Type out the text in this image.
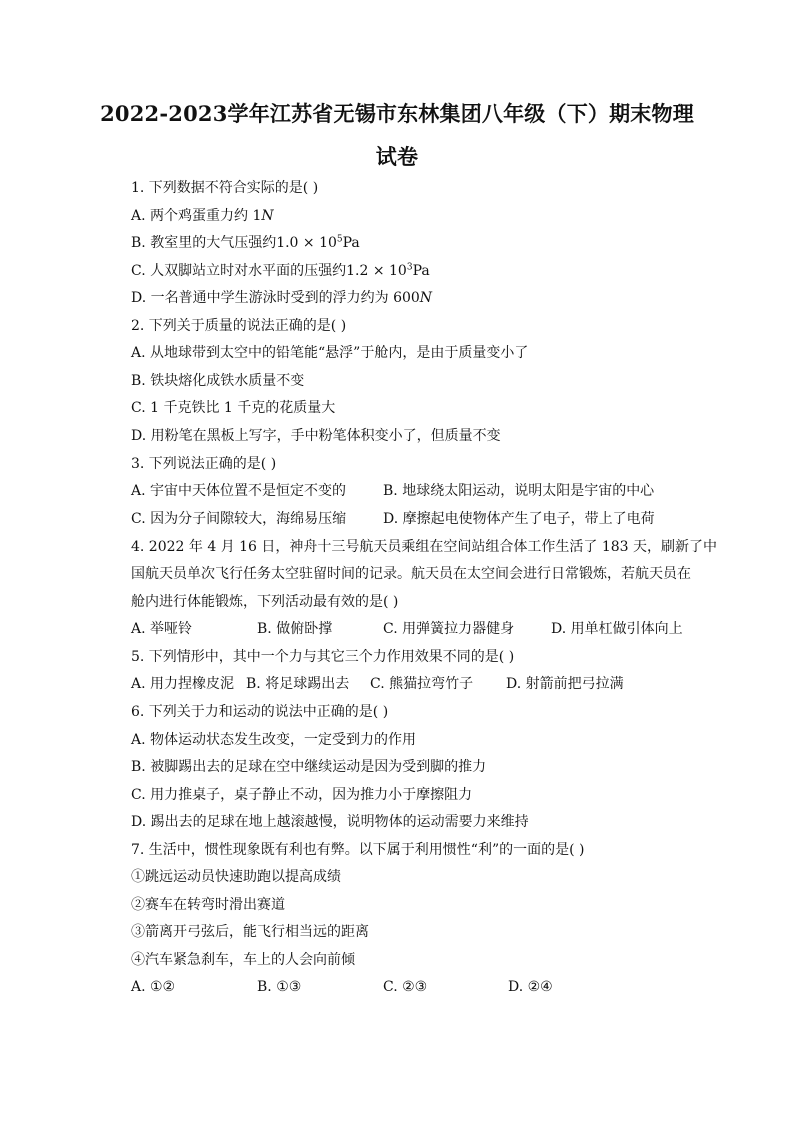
2022-2023学年江苏省无锡市东林集团八年级（下）期末物理试卷
1. 下列数据不符合实际的是( )
A. 两个鸡蛋重力约 1N
B. 教室里的大气压强约$1.0 \times 10^5Pa$
C. 人双脚站立时对水平面的压强约$1.2 \times 10^3Pa$
D. 一名普通中学生游泳时受到的浮力约为 600N
2. 下列关于质量的说法正确的是( )
A. 从地球带到太空中的铅笔能“悬浮”于舱内，是由于质量变小了
B. 铁块熔化成铁水质量不变
C. 1 千克铁比 1 千克的花质量大
D. 用粉笔在黑板上写字，手中粉笔体积变小了，但质量不变
3. 下列说法正确的是( )
A. 宇宙中天体位置不是恒定不变的	B. 地球绕太阳运动，说明太阳是宇宙的中心
C. 因为分子间隙较大，海绵易压缩	D. 摩擦起电使物体产生了电子，带上了电荷
4. 2022 年 4 月 16 日，神舟十三号航天员乘组在空间站组合体工作生活了 183 天，刷新了中
国航天员单次飞行任务太空驻留时间的记录。航天员在太空间会进行日常锻炼，若航天员在
舱内进行体能锻炼，下列活动最有效的是( )
A. 举哑铃	B. 做俯卧撑	C. 用弹簧拉力器健身	D. 用单杠做引体向上
5. 下列情形中，其中一个力与其它三个力作用效果不同的是( )
A. 用力捏橡皮泥 B. 将足球踢出去 C. 熊猫拉弯竹子 D. 射箭前把弓拉满
6. 下列关于力和运动的说法中正确的是( )
A. 物体运动状态发生改变，一定受到力的作用
B. 被脚踢出去的足球在空中继续运动是因为受到脚的推力
C. 用力推桌子，桌子静止不动，因为推力小于摩擦阻力
D. 踢出去的足球在地上越滚越慢，说明物体的运动需要力来维持
7. 生活中，惯性现象既有利也有弊。以下属于利用惯性“利”的一面的是( )
①跳远运动员快速助跑以提高成绩
②赛车在转弯时滑出赛道
③箭离开弓弦后，能飞行相当远的距离
④汽车紧急刹车，车上的人会向前倾
A. ①②	B. ①③	C. ②③	D. ②④
